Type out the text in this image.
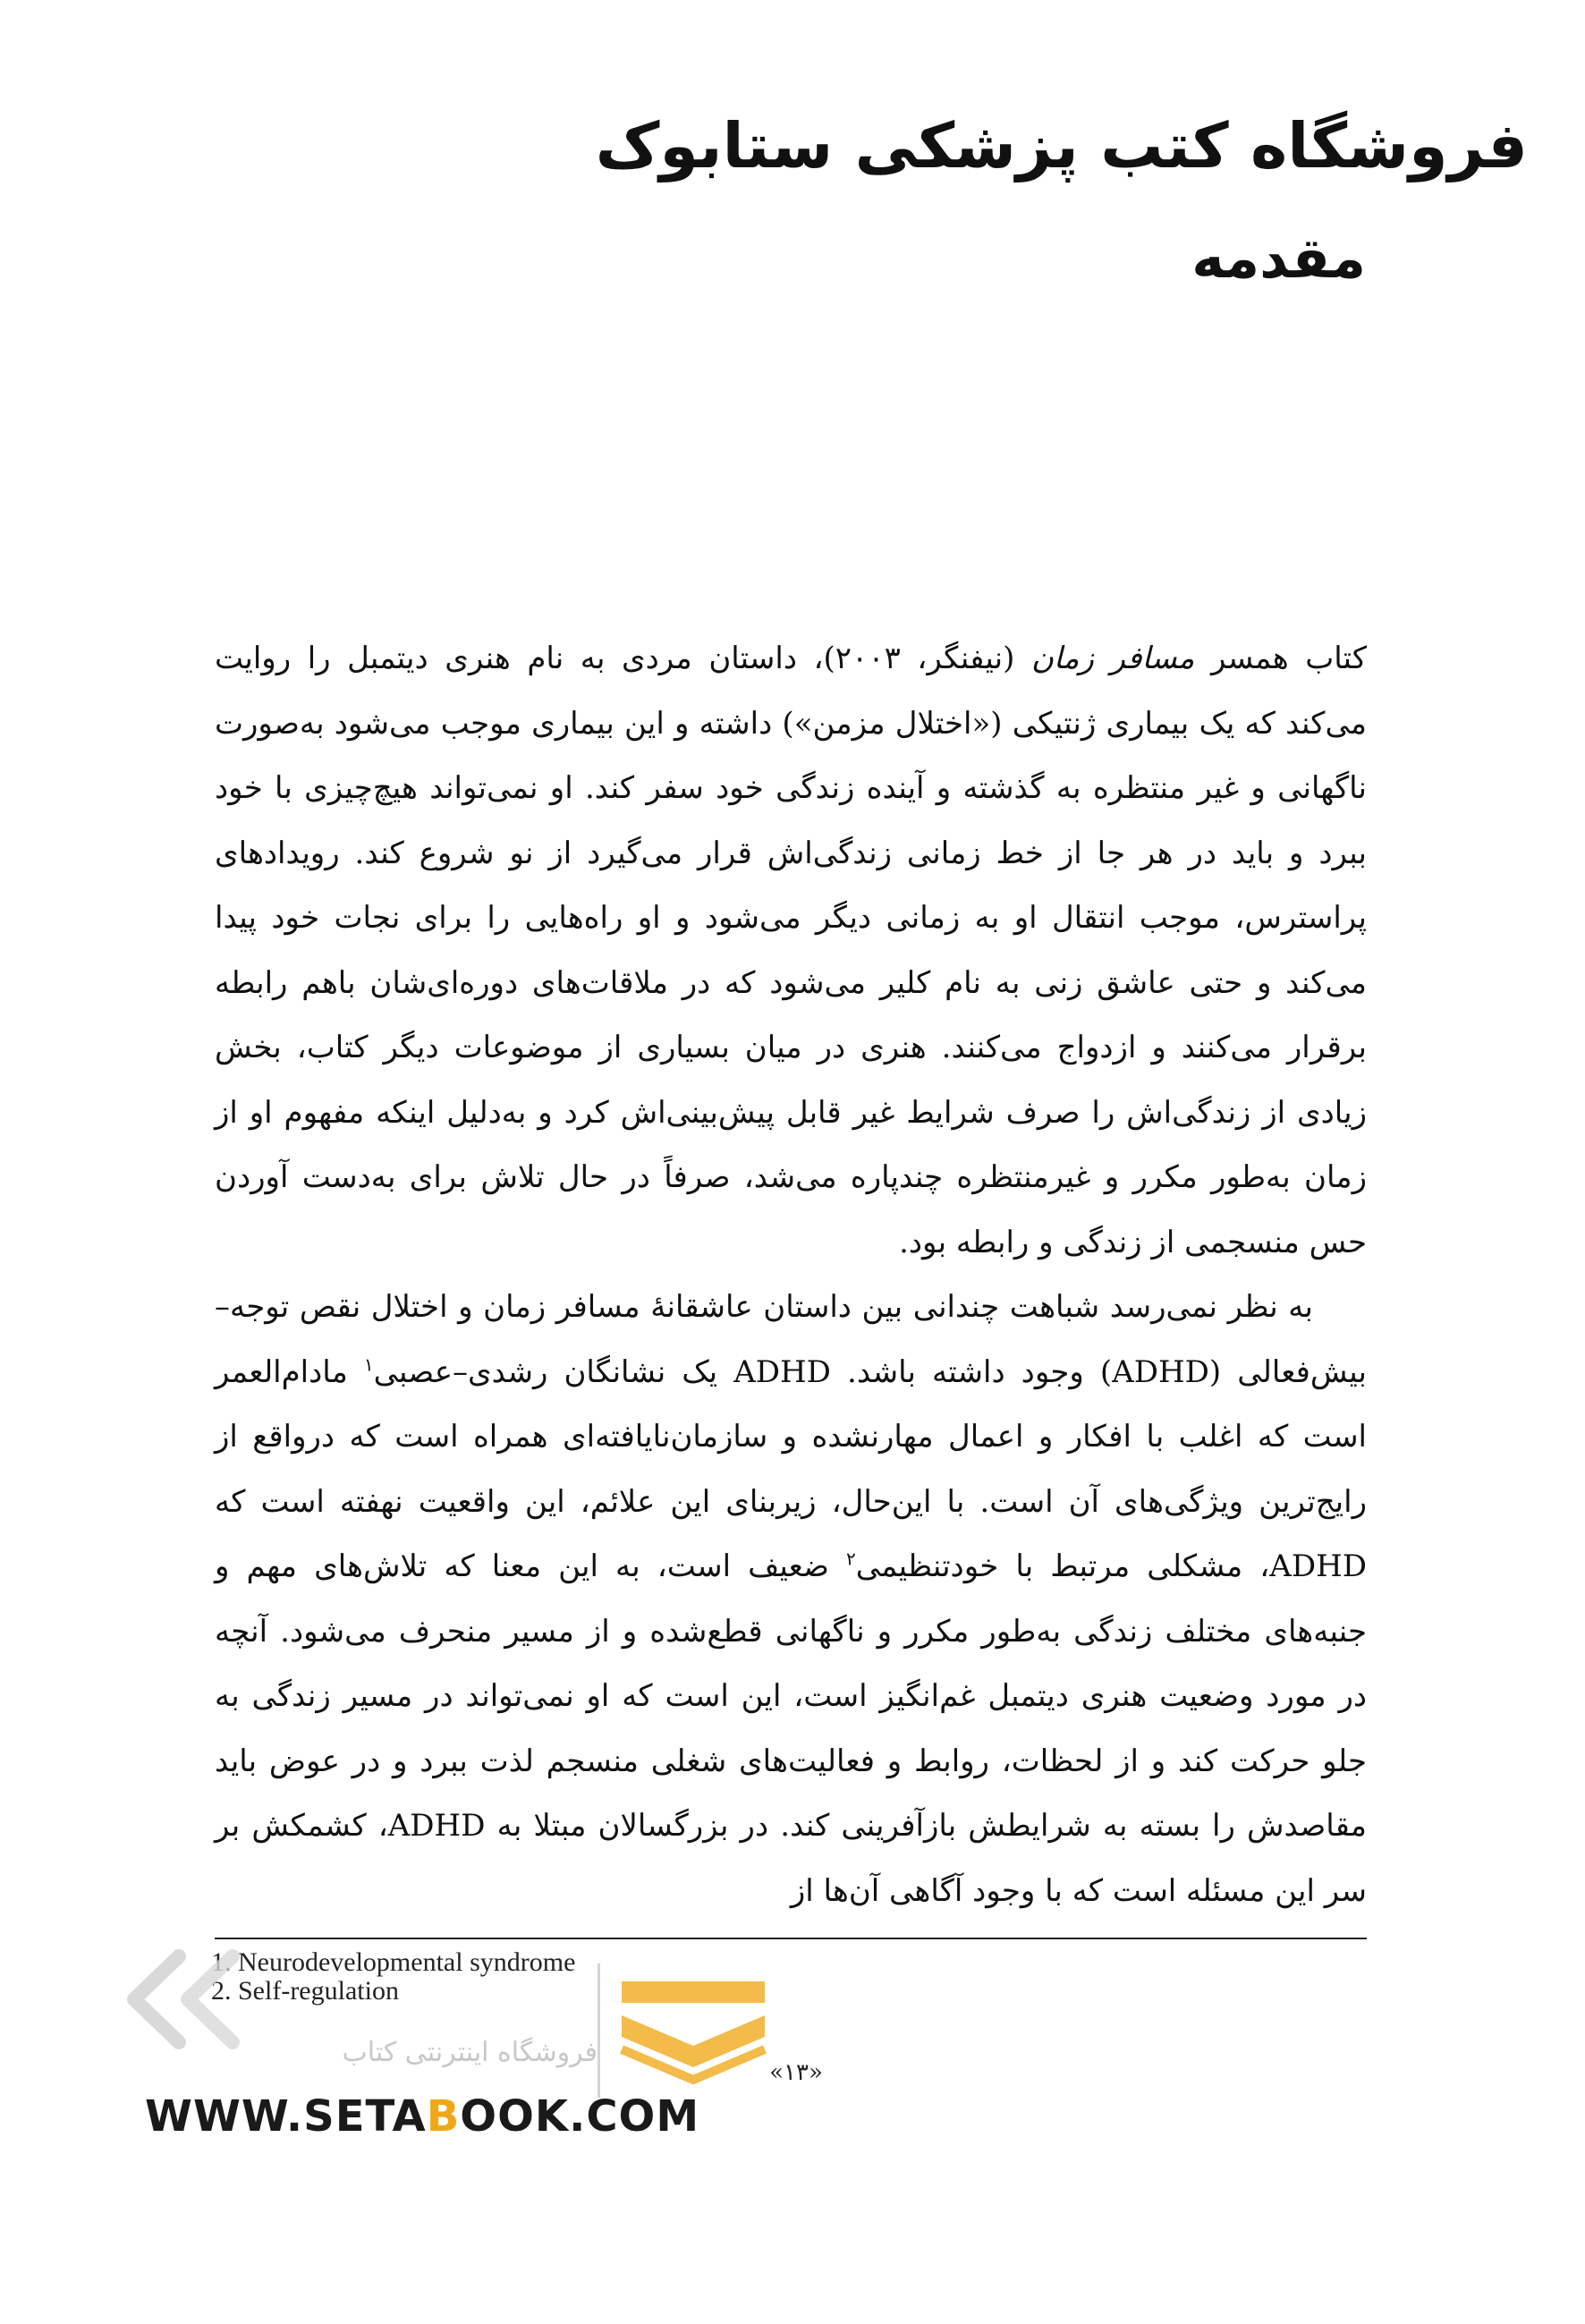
فروشگاه کتب پزشکی ستابوک
مقدمه

کتاب همسر مسافر زمان (نیفنگر، ۲۰۰۳)، داستان مردی به نام هنری دیتمبل را روایت می‌کند که یک بیماری ژنتیکی («اختلال مزمن») داشته و این بیماری موجب می‌شود به‌صورت ناگهانی و غیر منتظره به گذشته و آینده زندگی خود سفر کند. او نمی‌تواند هیچ‌چیزی با خود ببرد و باید در هر جا از خط زمانی زندگی‌اش قرار می‌گیرد از نو شروع کند. رویدادهای پراسترس، موجب انتقال او به زمانی دیگر می‌شود و او راه‌هایی را برای نجات خود پیدا می‌کند و حتی عاشق زنی به نام کلیر می‌شود که در ملاقات‌های دوره‌ای‌شان باهم رابطه برقرار می‌کنند و ازدواج می‌کنند. هنری در میان بسیاری از موضوعات دیگر کتاب، بخش زیادی از زندگی‌اش را صرف شرایط غیر قابل پیش‌بینی‌اش کرد و به‌دلیل اینکه مفهوم او از زمان به‌طور مکرر و غیرمنتظره چندپاره می‌شد، صرفاً در حال تلاش برای به‌دست آوردن حس منسجمی از زندگی و رابطه بود.

به نظر نمی‌رسد شباهت چندانی بین داستان عاشقانهٔ مسافر زمان و اختلال نقص توجه– بیش‌فعالی (ADHD) وجود داشته باشد. ADHD یک نشانگان رشدی–عصبی$^۱$ مادام‌العمر است که اغلب با افکار و اعمال مهارنشده و سازمان‌نایافته‌ای همراه است که درواقع از رایج‌ترین ویژگی‌های آن است. با این‌حال، زیربنای این علائم، این واقعیت نهفته است که ADHD، مشکلی مرتبط با خودتنظیمی$^۲$ ضعیف است، به این معنا که تلاش‌های مهم و جنبه‌های مختلف زندگی به‌طور مکرر و ناگهانی قطع‌شده و از مسیر منحرف می‌شود. آنچه در مورد وضعیت هنری دیتمبل غم‌انگیز است، این است که او نمی‌تواند در مسیر زندگی به جلو حرکت کند و از لحظات، روابط و فعالیت‌های شغلی منسجم لذت ببرد و در عوض باید مقاصدش را بسته به شرایطش بازآفرینی کند. در بزرگسالان مبتلا به ADHD، کشمکش بر سر این مسئله است که با وجود آگاهی آن‌ها از

1. Neurodevelopmental syndrome
2. Self-regulation
فروشگاه اینترنتی کتاب
«۱۳»
WWW.SETABOOK.COM
